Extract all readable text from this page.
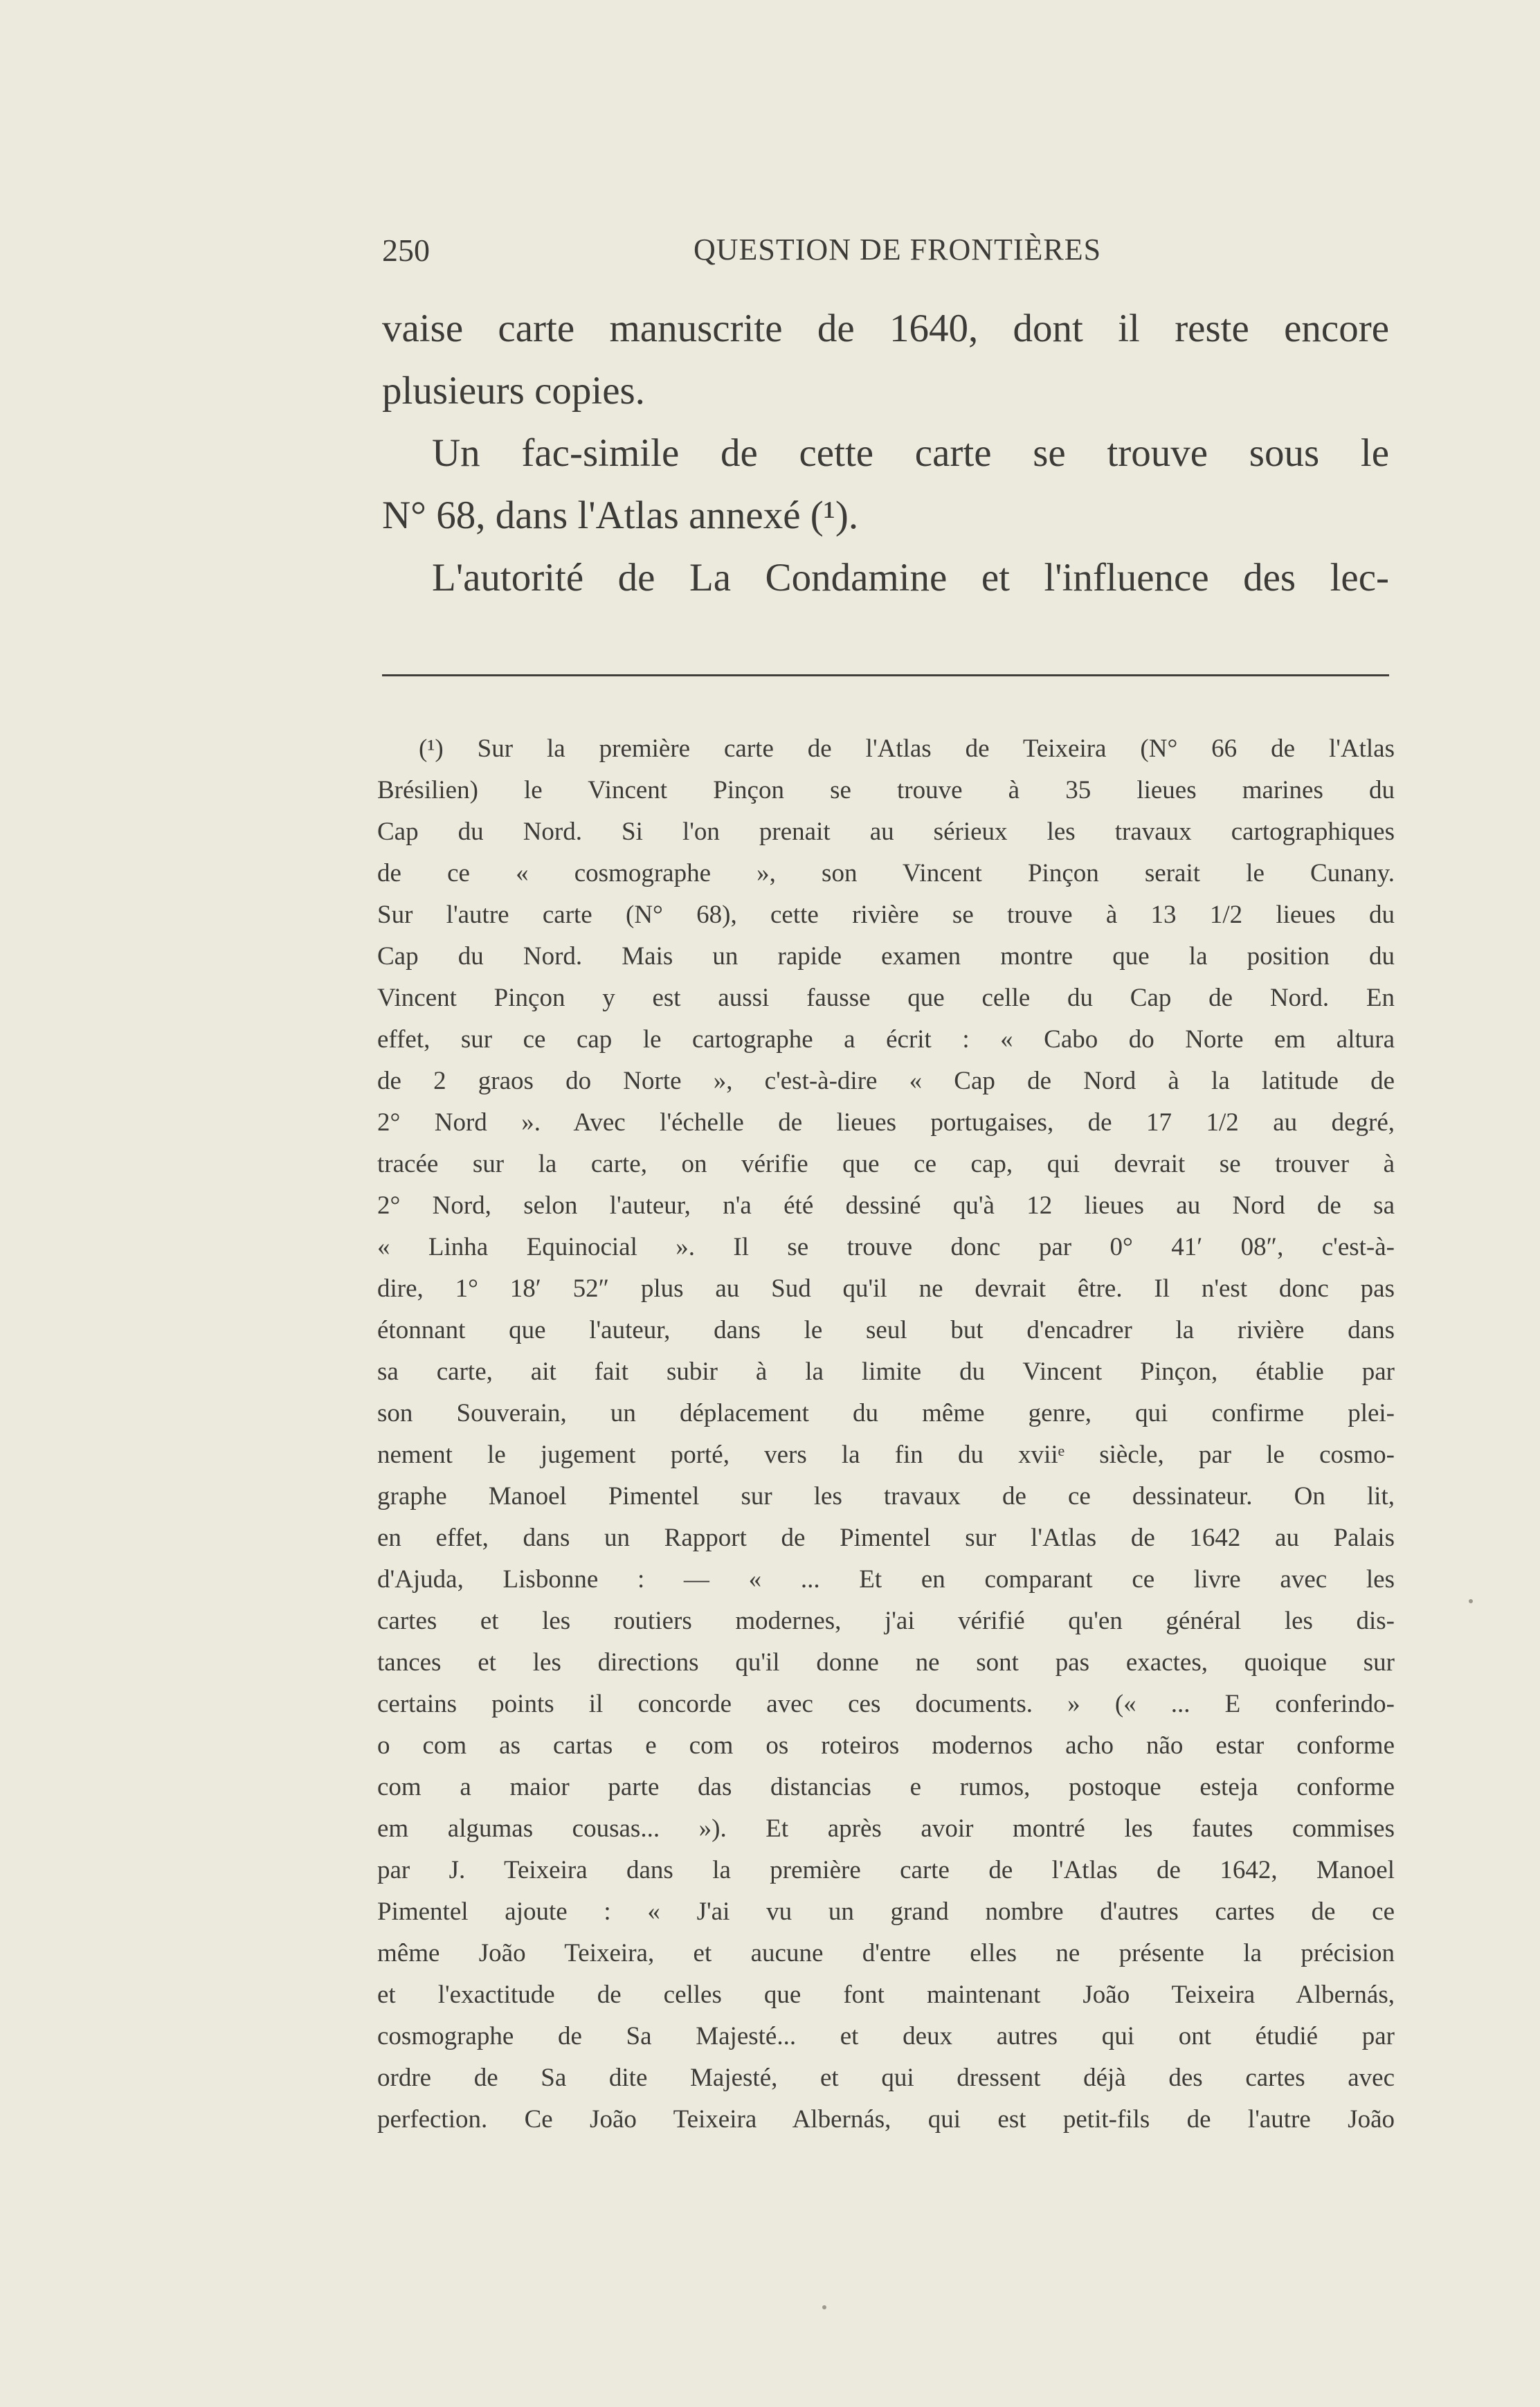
250	QUESTION DE FRONTIÈRES
vaise carte manuscrite de 1640, dont il reste encore
plusieurs copies.
Un fac-simile de cette carte se trouve sous le
N° 68, dans l'Atlas annexé (¹).
L'autorité de La Condamine et l'influence des lec-
(¹) Sur la première carte de l'Atlas de Teixeira (N° 66 de l'Atlas
Brésilien) le Vincent Pinçon se trouve à 35 lieues marines du
Cap du Nord. Si l'on prenait au sérieux les travaux cartographiques
de ce « cosmographe », son Vincent Pinçon serait le Cunany.
Sur l'autre carte (N° 68), cette rivière se trouve à 13 1/2 lieues du
Cap du Nord. Mais un rapide examen montre que la position du
Vincent Pinçon y est aussi fausse que celle du Cap de Nord. En
effet, sur ce cap le cartographe a écrit : « Cabo do Norte em altura
de 2 graos do Norte », c'est-à-dire « Cap de Nord à la latitude de
2° Nord ». Avec l'échelle de lieues portugaises, de 17 1/2 au degré,
tracée sur la carte, on vérifie que ce cap, qui devrait se trouver à
2° Nord, selon l'auteur, n'a été dessiné qu'à 12 lieues au Nord de sa
« Linha Equinocial ». Il se trouve donc par 0° 41′ 08″, c'est-à-
dire, 1° 18′ 52″ plus au Sud qu'il ne devrait être. Il n'est donc pas
étonnant que l'auteur, dans le seul but d'encadrer la rivière dans
sa carte, ait fait subir à la limite du Vincent Pinçon, établie par
son Souverain, un déplacement du même genre, qui confirme plei-
nement le jugement porté, vers la fin du xviiᵉ siècle, par le cosmo-
graphe Manoel Pimentel sur les travaux de ce dessinateur. On lit,
en effet, dans un Rapport de Pimentel sur l'Atlas de 1642 au Palais
d'Ajuda, Lisbonne : — « ... Et en comparant ce livre avec les
cartes et les routiers modernes, j'ai vérifié qu'en général les dis-
tances et les directions qu'il donne ne sont pas exactes, quoique sur
certains points il concorde avec ces documents. » (« ... E conferindo-
o com as cartas e com os roteiros modernos acho não estar conforme
com a maior parte das distancias e rumos, postoque esteja conforme
em algumas cousas... »). Et après avoir montré les fautes commises
par J. Teixeira dans la première carte de l'Atlas de 1642, Manoel
Pimentel ajoute : « J'ai vu un grand nombre d'autres cartes de ce
même João Teixeira, et aucune d'entre elles ne présente la précision
et l'exactitude de celles que font maintenant João Teixeira Albernás,
cosmographe de Sa Majesté... et deux autres qui ont étudié par
ordre de Sa dite Majesté, et qui dressent déjà des cartes avec
perfection. Ce João Teixeira Albernás, qui est petit-fils de l'autre João
